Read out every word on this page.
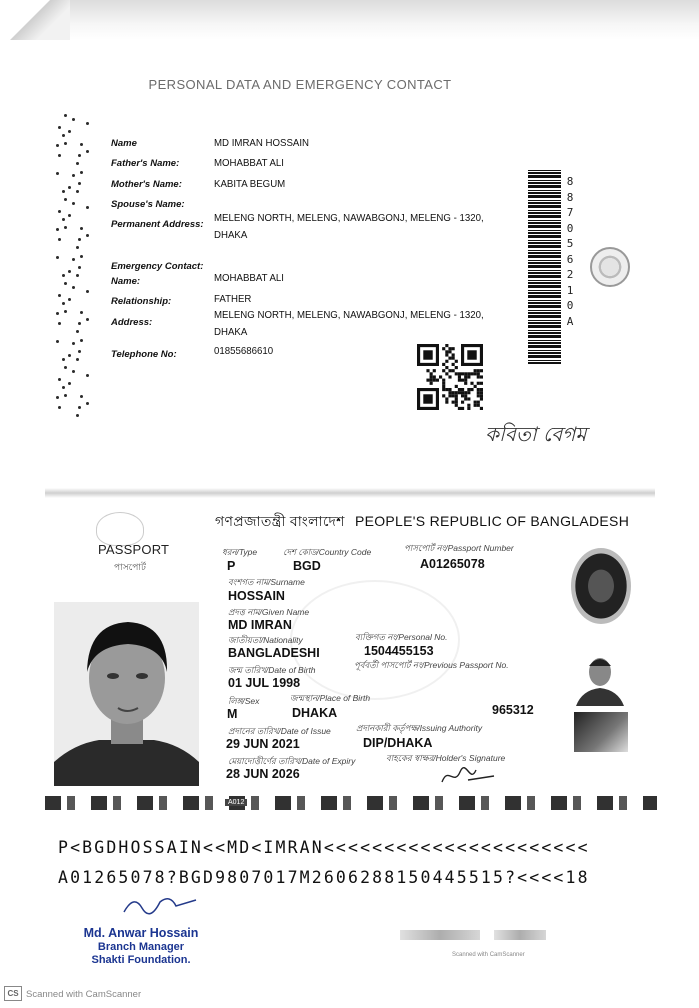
PERSONAL DATA AND EMERGENCY CONTACT
Name	MD IMRAN HOSSAIN
Father's Name:	MOHABBAT ALI
Mother's Name:	KABITA BEGUM
Spouse's Name:
Permanent Address:
MELENG NORTH, MELENG, NAWABGONJ, MELENG - 1320, DHAKA
Emergency Contact:
Name:	MOHABBAT ALI
Relationship:	FATHER
Address:
MELENG NORTH, MELENG, NAWABGONJ, MELENG - 1320, DHAKA
Telephone No:	01855686610
8
8
7
0
5
6
2
1
0
A
কবিতা বেগম
PASSPORT
পাসপোর্ট
গণপ্রজাতন্ত্রী বাংলাদেশ PEOPLE'S REPUBLIC OF BANGLADESH
ধরন/Type	দেশ কোড/Country Code	পাসপোর্ট নং/Passport Number
P	BGD	A01265078
বংশগত নাম/Surname
HOSSAIN
প্রদত্ত নাম/Given Name
MD IMRAN
জাতীয়তা/Nationality	ব্যক্তিগত নং/Personal No.
BANGLADESHI	1504455153
জন্ম তারিখ/Date of Birth	পূর্ববর্তী পাসপোর্ট নং/Previous Passport No.
01 JUL 1998
লিঙ্গ/Sex	জন্মস্থান/Place of Birth
M	DHAKA	965312
প্রদানের তারিখ/Date of Issue	প্রদানকারী কর্তৃপক্ষ/Issuing Authority
29 JUN 2021	DIP/DHAKA
মেয়াদোত্তীর্ণের তারিখ/Date of Expiry	বাহকের স্বাক্ষর/Holder's Signature
28 JUN 2026
A012
P<BGDHOSSAIN<<MD<IMRAN<<<<<<<<<<<<<<<<<<<<<<
A01265078?BGD9807017M2606288150445515?<<<<18
Md. Anwar Hossain
Branch Manager
Shakti Foundation.	Scanned with CamScanner
CS Scanned with CamScanner
